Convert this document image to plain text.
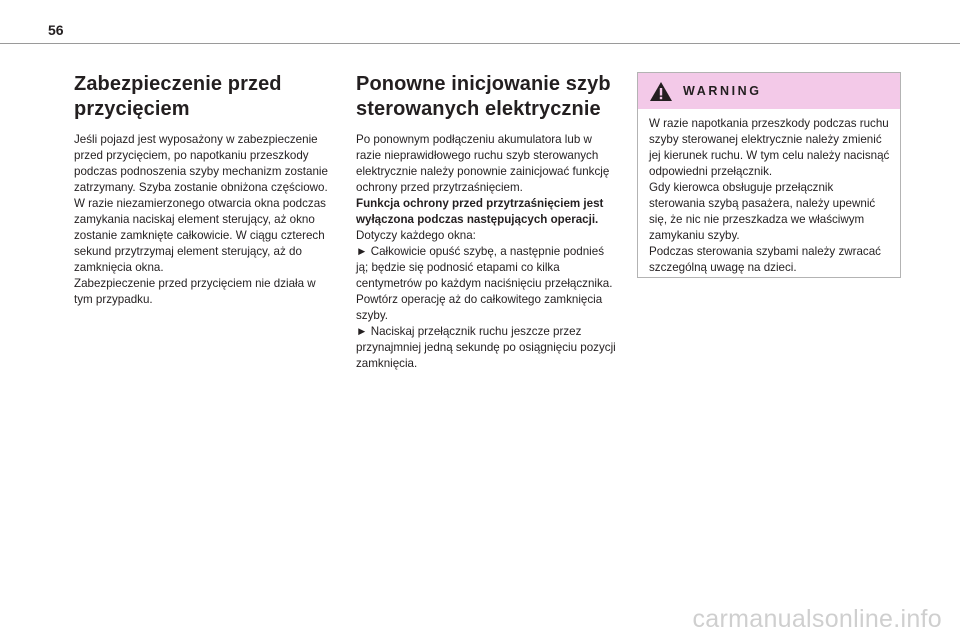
56
Zabezpieczenie przed
przycięciem

Jeśli pojazd jest wyposażony w zabezpieczenie przed przycięciem, po napotkaniu przeszkody podczas podnoszenia szyby mechanizm zostanie zatrzymany. Szyba zostanie obniżona częściowo.

W razie niezamierzonego otwarcia okna podczas zamykania naciskaj element sterujący, aż okno zostanie zamknięte całkowicie. W ciągu czterech sekund przytrzymaj element sterujący, aż do zamknięcia okna.

Zabezpieczenie przed przycięciem nie działa w tym przypadku.

Ponowne inicjowanie szyb
sterowanych elektrycznie

Po ponownym podłączeniu akumulatora lub w razie nieprawidłowego ruchu szyb sterowanych elektrycznie należy ponownie zainicjować funkcję ochrony przed przytrzaśnięciem.

Funkcja ochrony przed przytrzaśnięciem jest wyłączona podczas następujących operacji.

Dotyczy każdego okna:

► Całkowicie opuść szybę, a następnie podnieś ją; będzie się podnosić etapami co kilka centymetrów po każdym naciśnięciu przełącznika. Powtórz operację aż do całkowitego zamknięcia szyby.

► Naciskaj przełącznik ruchu jeszcze przez przynajmniej jedną sekundę po osiągnięciu pozycji zamknięcia.

WARNING

W razie napotkania przeszkody podczas ruchu szyby sterowanej elektrycznie należy zmienić jej kierunek ruchu. W tym celu należy nacisnąć odpowiedni przełącznik.

Gdy kierowca obsługuje przełącznik sterowania szybą pasażera, należy upewnić się, że nic nie przeszkadza we właściwym zamykaniu szyby.

Podczas sterowania szybami należy zwracać szczególną uwagę na dzieci.

carmanualsonline.info
